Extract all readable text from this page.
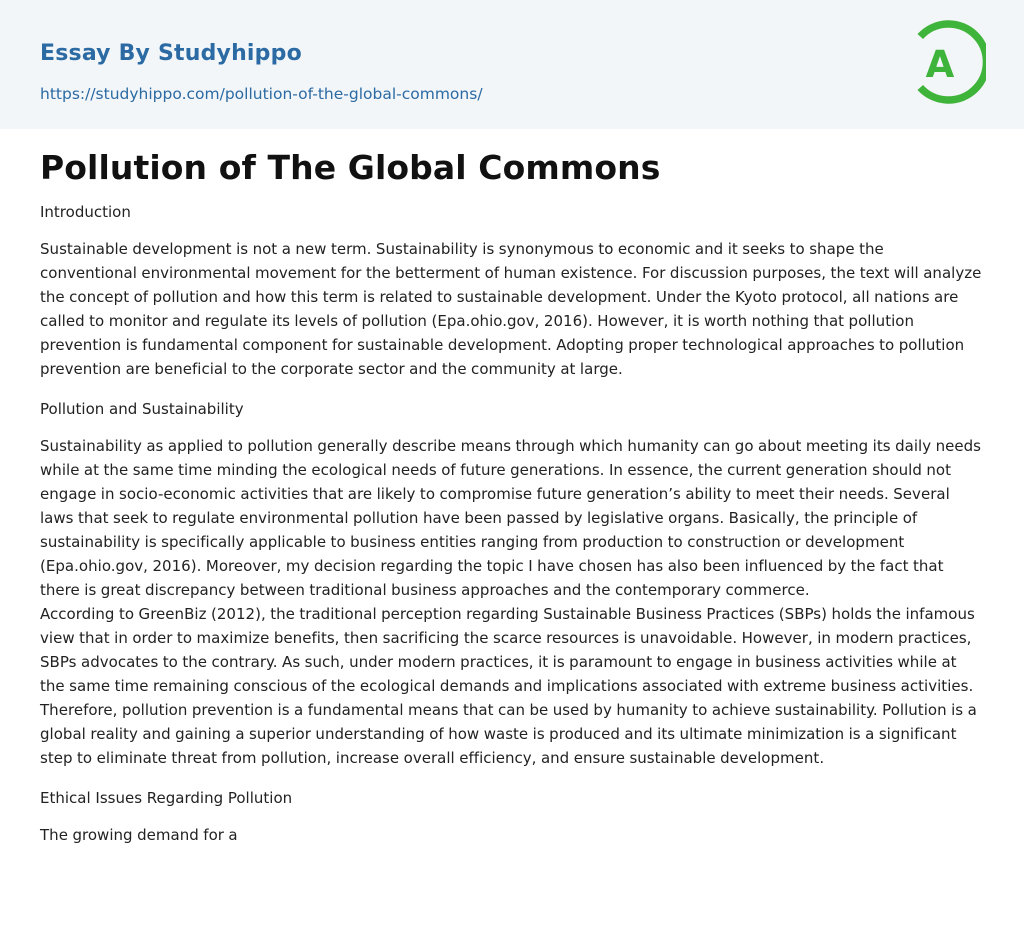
Essay By Studyhippo
https://studyhippo.com/pollution-of-the-global-commons/
A
Pollution of The Global Commons
Introduction
Sustainable development is not a new term. Sustainability is synonymous to economic and it seeks to shape the conventional environmental movement for the betterment of human existence. For discussion purposes, the text will analyze the concept of pollution and how this term is related to sustainable development. Under the Kyoto protocol, all nations are called to monitor and regulate its levels of pollution (Epa.ohio.gov, 2016). However, it is worth nothing that pollution prevention is fundamental component for sustainable development. Adopting proper technological approaches to pollution prevention are beneficial to the corporate sector and the community at large.
Pollution and Sustainability
Sustainability as applied to pollution generally describe means through which humanity can go about meeting its daily needs while at the same time minding the ecological needs of future generations. In essence, the current generation should not engage in socio-economic activities that are likely to compromise future generation’s ability to meet their needs. Several laws that seek to regulate environmental pollution have been passed by legislative organs. Basically, the principle of sustainability is specifically applicable to business entities ranging from production to construction or development (Epa.ohio.gov, 2016). Moreover, my decision regarding the topic I have chosen has also been influenced by the fact that there is great discrepancy between traditional business approaches and the contemporary commerce.
According to GreenBiz (2012), the traditional perception regarding Sustainable Business Practices (SBPs) holds the infamous view that in order to maximize benefits, then sacrificing the scarce resources is unavoidable. However, in modern practices, SBPs advocates to the contrary. As such, under modern practices, it is paramount to engage in business activities while at the same time remaining conscious of the ecological demands and implications associated with extreme business activities. Therefore, pollution prevention is a fundamental means that can be used by humanity to achieve sustainability. Pollution is a global reality and gaining a superior understanding of how waste is produced and its ultimate minimization is a significant step to eliminate threat from pollution, increase overall efficiency, and ensure sustainable development.
Ethical Issues Regarding Pollution
The growing demand for a
